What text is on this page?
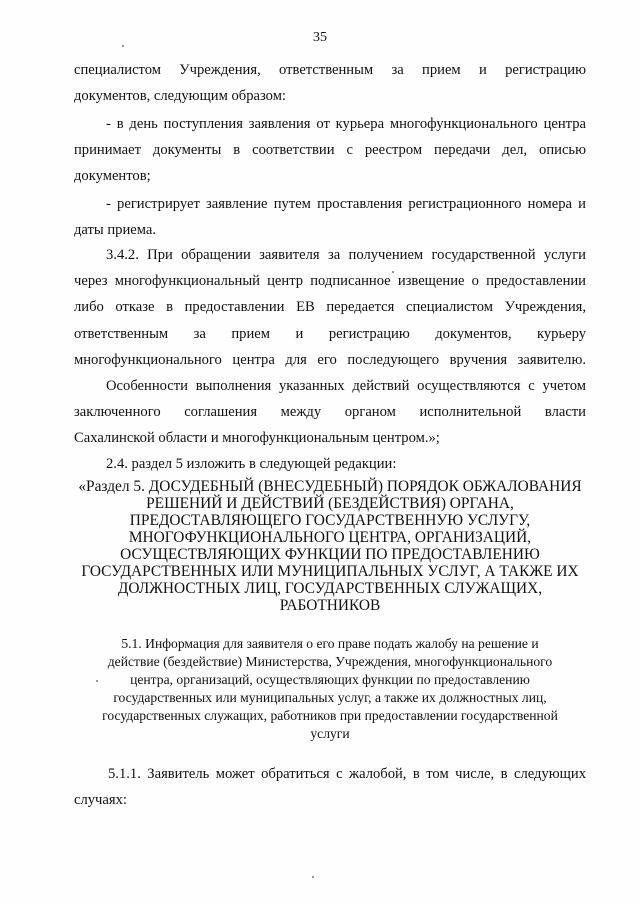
35
специалистом Учреждения, ответственным за прием и регистрацию
документов, следующим образом:
- в день поступления заявления от курьера многофункционального центра
принимает документы в соответствии с реестром передачи дел, описью
документов;
- регистрирует заявление путем проставления регистрационного номера и
даты приема.
3.4.2. При обращении заявителя за получением государственной услуги
через многофункциональный центр подписанное извещение о предоставлении
либо отказе в предоставлении ЕВ передается специалистом Учреждения,
ответственным за прием и регистрацию документов, курьеру
многофункционального центра для его последующего вручения заявителю.
Особенности выполнения указанных действий осуществляются с учетом
заключенного соглашения между органом исполнительной власти
Сахалинской области и многофункциональным центром.»;
2.4. раздел 5 изложить в следующей редакции:
«Раздел 5. ДОСУДЕБНЫЙ (ВНЕСУДЕБНЫЙ) ПОРЯДОК ОБЖАЛОВАНИЯ
РЕШЕНИЙ И ДЕЙСТВИЙ (БЕЗДЕЙСТВИЯ) ОРГАНА,
ПРЕДОСТАВЛЯЮЩЕГО ГОСУДАРСТВЕННУЮ УСЛУГУ,
МНОГОФУНКЦИОНАЛЬНОГО ЦЕНТРА, ОРГАНИЗАЦИЙ,
ОСУЩЕСТВЛЯЮЩИХ ФУНКЦИИ ПО ПРЕДОСТАВЛЕНИЮ
ГОСУДАРСТВЕННЫХ ИЛИ МУНИЦИПАЛЬНЫХ УСЛУГ, А ТАКЖЕ ИХ
ДОЛЖНОСТНЫХ ЛИЦ, ГОСУДАРСТВЕННЫХ СЛУЖАЩИХ,
РАБОТНИКОВ
5.1. Информация для заявителя о его праве подать жалобу на решение и
действие (бездействие) Министерства, Учреждения, многофункционального
центра, организаций, осуществляющих функции по предоставлению
государственных или муниципальных услуг, а также их должностных лиц,
государственных служащих, работников при предоставлении государственной
услуги
5.1.1. Заявитель может обратиться с жалобой, в том числе, в следующих
случаях:
